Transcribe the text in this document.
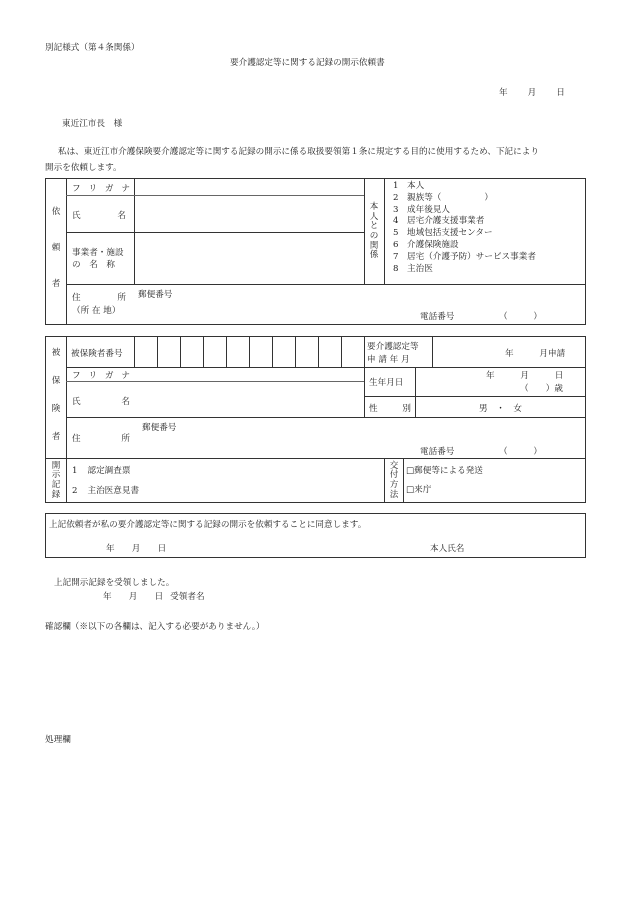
別記様式（第４条関係）
要介護認定等に関する記録の開示依頼書
年 月 日
東近江市長　様
私は、東近江市介護保険要介護認定等に関する記録の開示に係る取扱要領第１条に規定する目的に使用するため、下記により
開示を依頼します。
依
頼
者
フ リ ガ ナ
氏	名
事業者・施設
の　名　称
本
人
と
の
関
係
1 本人
2 親族等（　　　　　）
3 成年後見人
4 居宅介護支援事業者
5 地域包括支援センター
6 介護保険施設
7 居宅（介護予防）サービス事業者
8 主治医
住	所
（所 在 地）
郵便番号
電話番号	（　　　）
被
保
険
者
被保険者番号
要介護認定等
申 請 年 月
年　　　月申請
フ リ ガ ナ
氏	名
生年月日
年　　　月　　　日
（　　）歳
性	別	男　・　女
住	所
郵便番号
電話番号	（　　　）
開
示
記
録
1 認定調査票
2 主治医意見書
交
付
方
法
□郵便等による発送
□来庁
上記依頼者が私の要介護認定等に関する記録の開示を依頼することに同意します。
年　　月　　日	本人氏名
上記開示記録を受領しました。
年　　月　　日 受領者名
確認欄（※以下の各欄は、記入する必要がありません。）
処理欄
